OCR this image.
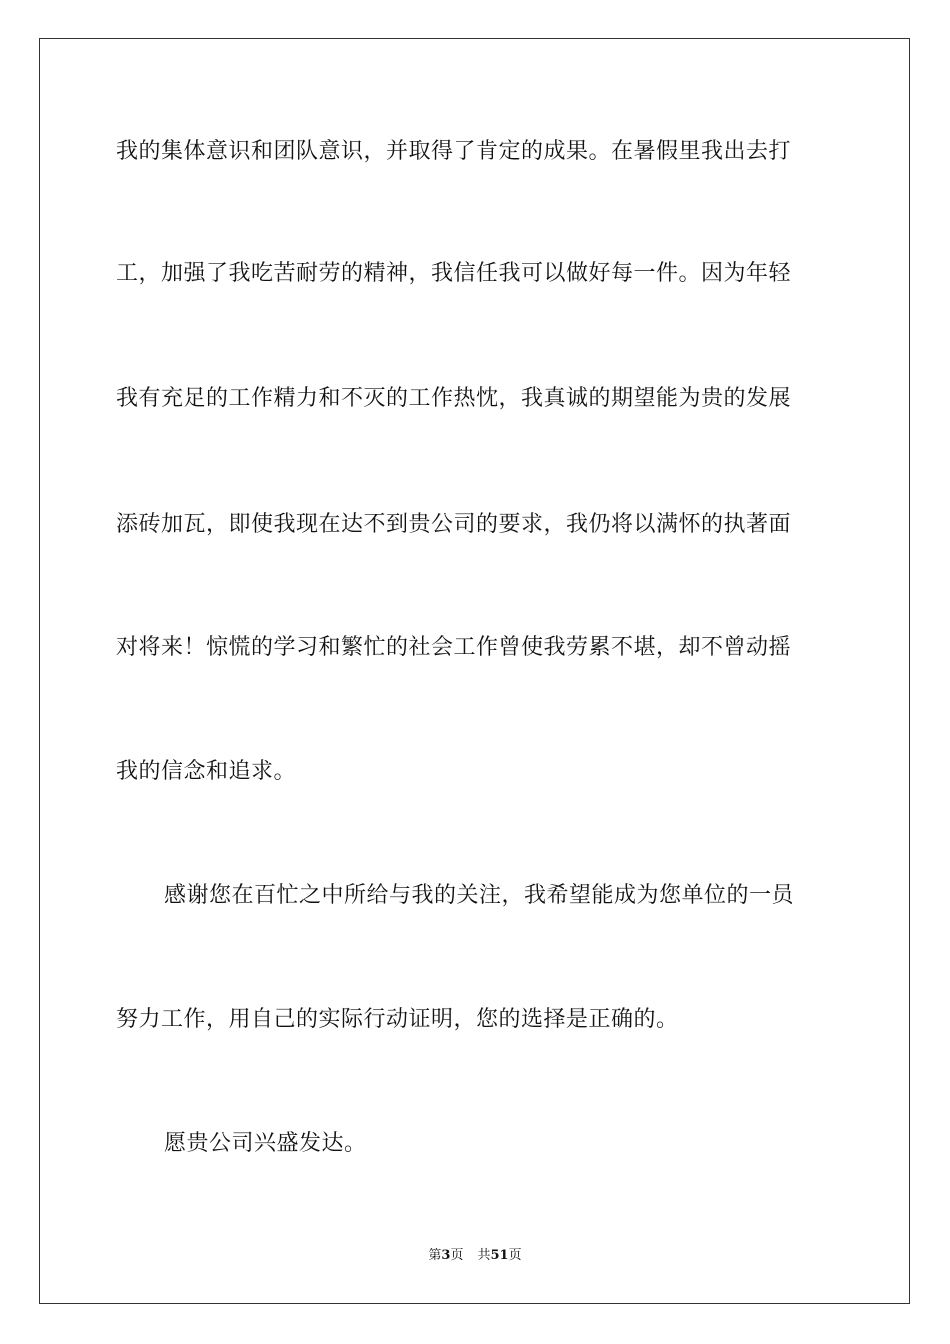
我的集体意识和团队意识，并取得了肯定的成果。在暑假里我出去打
工，加强了我吃苦耐劳的精神，我信任我可以做好每一件。因为年轻
我有充足的工作精力和不灭的工作热忱，我真诚的期望能为贵的发展
添砖加瓦，即使我现在达不到贵公司的要求，我仍将以满怀的执著面
对将来！惊慌的学习和繁忙的社会工作曾使我劳累不堪，却不曾动摇
我的信念和追求。
感谢您在百忙之中所给与我的关注，我希望能成为您单位的一员
努力工作，用自己的实际行动证明，您的选择是正确的。
愿贵公司兴盛发达。
第3页 共51页
